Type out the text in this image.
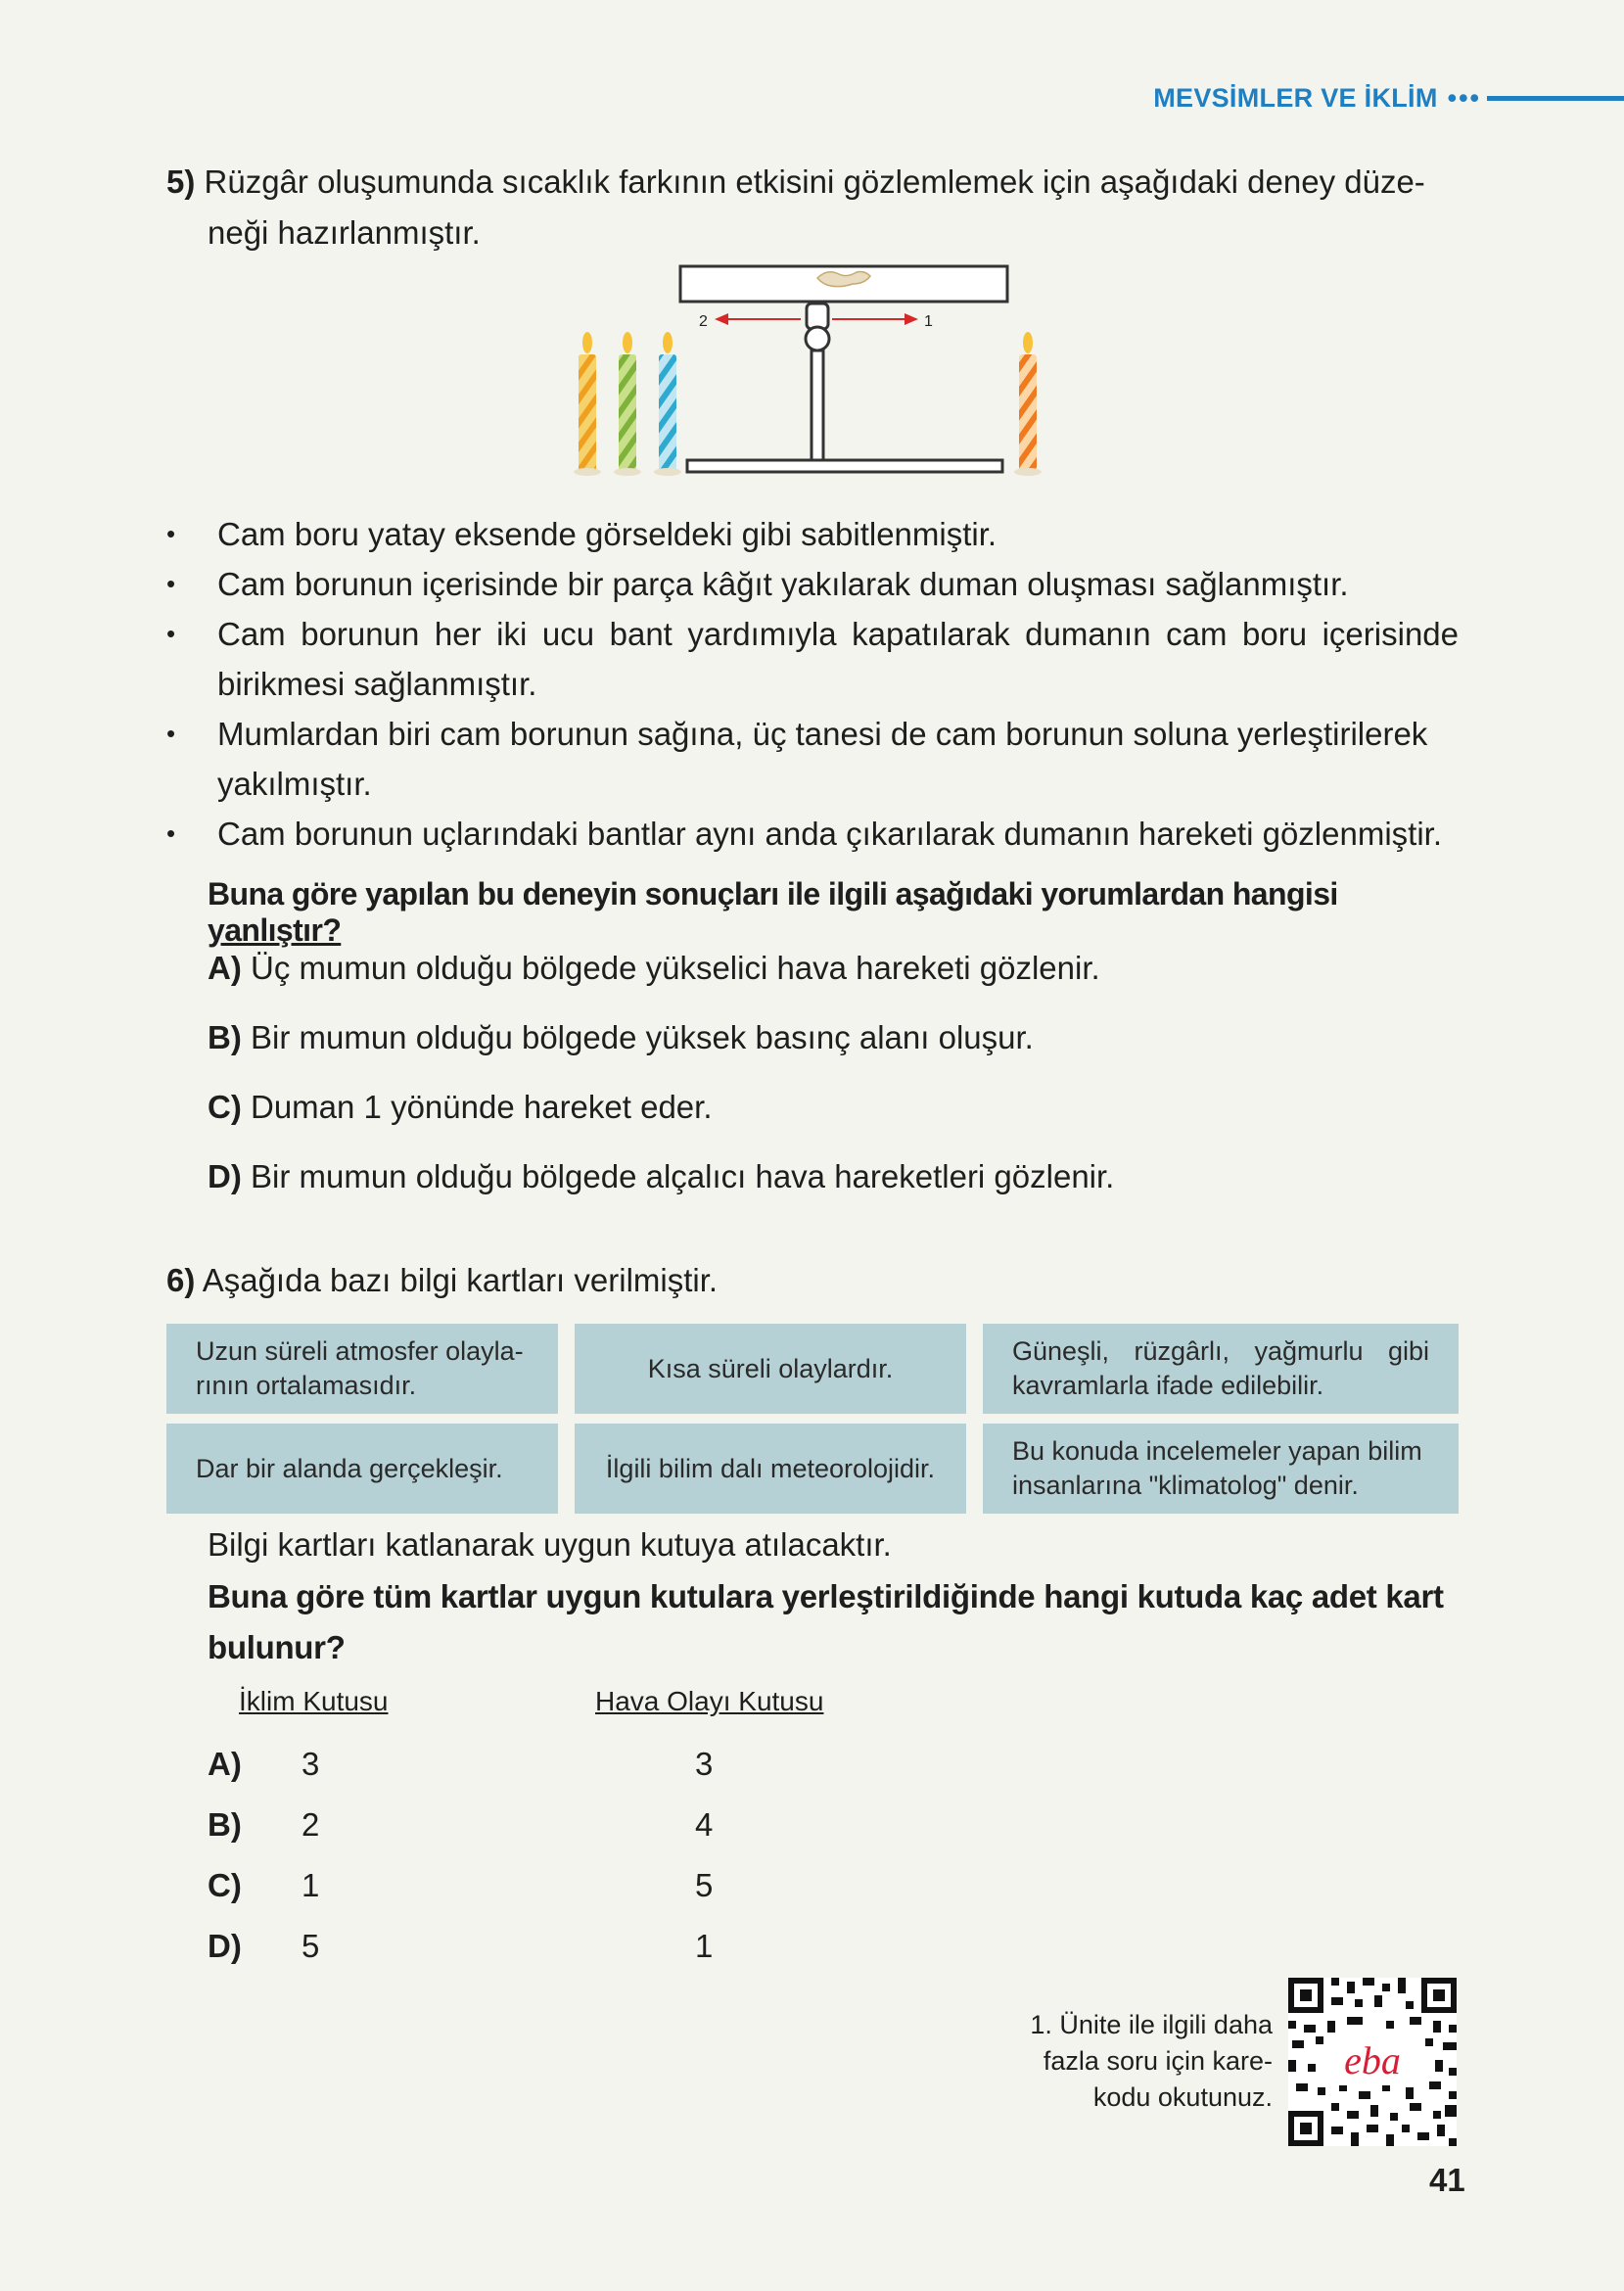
MEVSİMLER VE İKLİM •••
5) Rüzgâr oluşumunda sıcaklık farkının etkisini gözlemlemek için aşağıdaki deney düze-
neği hazırlanmıştır.
2	1
• Cam boru yatay eksende görseldeki gibi sabitlenmiştir.
• Cam borunun içerisinde bir parça kâğıt yakılarak duman oluşması sağlanmıştır.
• Cam borunun her iki ucu bant yardımıyla kapatılarak dumanın cam boru içerisinde birikmesi sağlanmıştır.
• Mumlardan biri cam borunun sağına, üç tanesi de cam borunun soluna yerleştirilerek yakılmıştır.
• Cam borunun uçlarındaki bantlar aynı anda çıkarılarak dumanın hareketi gözlenmiştir.
Buna göre yapılan bu deneyin sonuçları ile ilgili aşağıdaki yorumlardan hangisi yanlıştır?
A) Üç mumun olduğu bölgede yükselici hava hareketi gözlenir.
B) Bir mumun olduğu bölgede yüksek basınç alanı oluşur.
C) Duman 1 yönünde hareket eder.
D) Bir mumun olduğu bölgede alçalıcı hava hareketleri gözlenir.
6) Aşağıda bazı bilgi kartları verilmiştir.
Uzun süreli atmosfer olayla-rının ortalamasıdır.
Kısa süreli olaylardır.
Güneşli, rüzgârlı, yağmurlu gibi kavramlarla ifade edilebilir.
Dar bir alanda gerçekleşir.	İlgili bilim dalı meteorolojidir.
Bu konuda incelemeler yapan bilim insanlarına "klimatolog" denir.
Bilgi kartları katlanarak uygun kutuya atılacaktır.
Buna göre tüm kartlar uygun kutulara yerleştirildiğinde hangi kutuda kaç adet kart
bulunur?
İklim Kutusu	Hava Olayı Kutusu
A) 3	3
B) 2	4
C) 1	5
D) 5	1
1. Ünite ile ilgili daha
fazla soru için kare-
kodu okutunuz.
eba
41
